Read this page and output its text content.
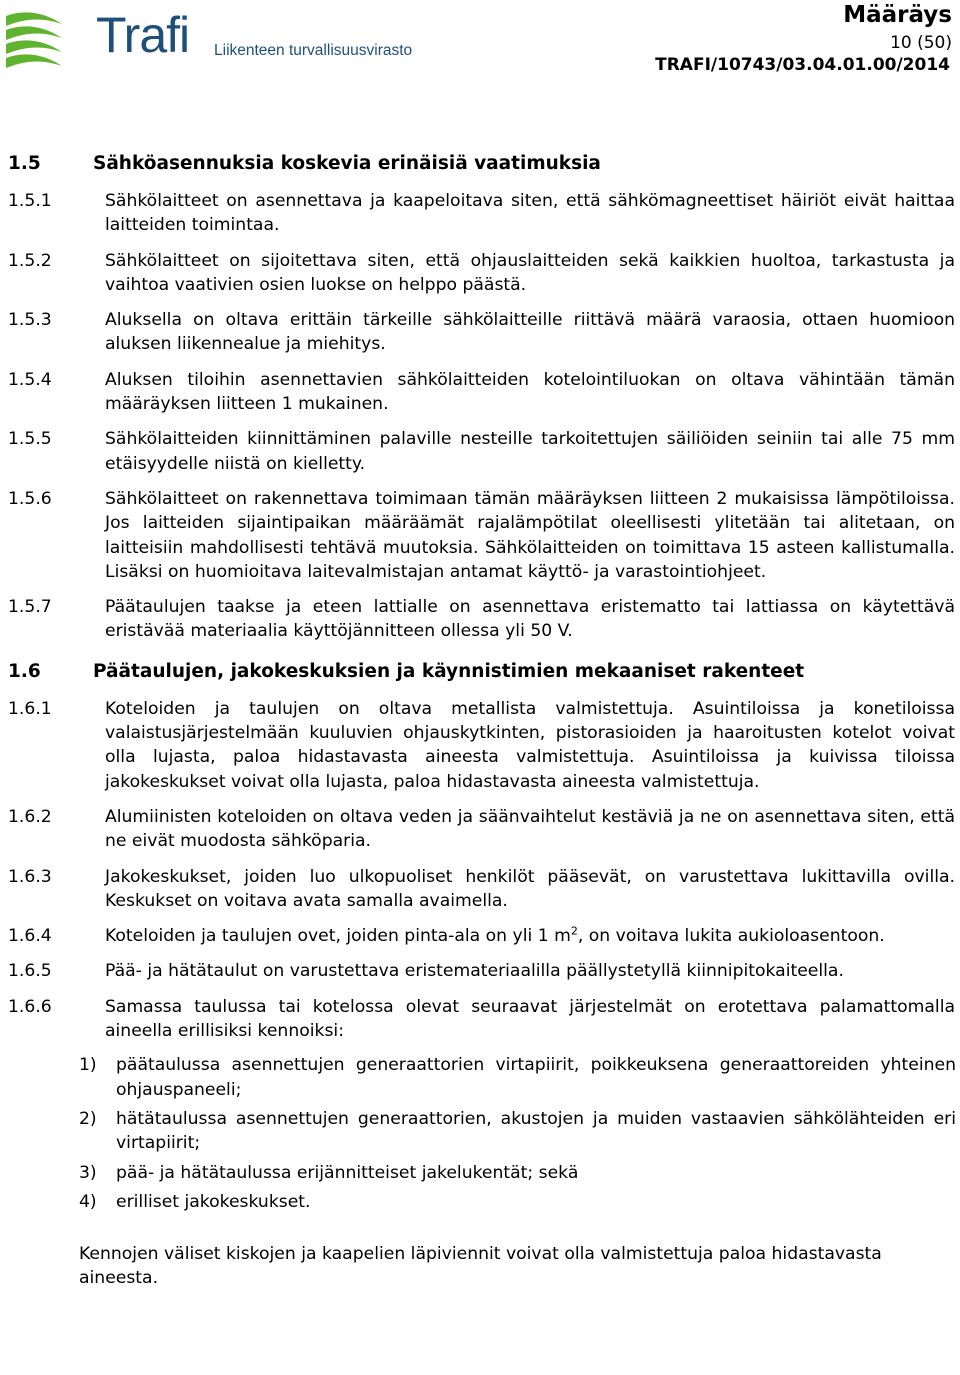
Trafi Liikenteen turvallisuusvirasto
Määräys
10 (50)
TRAFI/10743/03.04.01.00/2014
1.5	Sähköasennuksia koskevia erinäisiä vaatimuksia
1.5.1	Sähkölaitteet on asennettava ja kaapeloitava siten, että sähkömagneettiset häiriöt eivät haittaa laitteiden toimintaa.
1.5.2	Sähkölaitteet on sijoitettava siten, että ohjauslaitteiden sekä kaikkien huoltoa, tarkastusta ja vaihtoa vaativien osien luokse on helppo päästä.
1.5.3	Aluksella on oltava erittäin tärkeille sähkölaitteille riittävä määrä varaosia, ottaen huomioon aluksen liikennealue ja miehitys.
1.5.4	Aluksen tiloihin asennettavien sähkölaitteiden kotelointiluokan on oltava vähintään tämän määräyksen liitteen 1 mukainen.
1.5.5	Sähkölaitteiden kiinnittäminen palaville nesteille tarkoitettujen säiliöiden seiniin tai alle 75 mm etäisyydelle niistä on kielletty.
1.5.6	Sähkölaitteet on rakennettava toimimaan tämän määräyksen liitteen 2 mukaisissa lämpötiloissa. Jos laitteiden sijaintipaikan määräämät rajalämpötilat oleellisesti ylitetään tai alitetaan, on laitteisiin mahdollisesti tehtävä muutoksia. Sähkölaitteiden on toimittava 15 asteen kallistumalla. Lisäksi on huomioitava laitevalmistajan antamat käyttö- ja varastointiohjeet.
1.5.7	Päätaulujen taakse ja eteen lattialle on asennettava eristematto tai lattiassa on käytettävä eristävää materiaalia käyttöjännitteen ollessa yli 50 V.
1.6	Päätaulujen, jakokeskuksien ja käynnistimien mekaaniset rakenteet
1.6.1	Koteloiden ja taulujen on oltava metallista valmistettuja. Asuintiloissa ja konetiloissa valaistusjärjestelmään kuuluvien ohjauskytkinten, pistorasioiden ja haaroitusten kotelot voivat olla lujasta, paloa hidastavasta aineesta valmistettuja. Asuintiloissa ja kuivissa tiloissa jakokeskukset voivat olla lujasta, paloa hidastavasta aineesta valmistettuja.
1.6.2	Alumiinisten koteloiden on oltava veden ja säänvaihtelut kestäviä ja ne on asennettava siten, että ne eivät muodosta sähköparia.
1.6.3	Jakokeskukset, joiden luo ulkopuoliset henkilöt pääsevät, on varustettava lukittavilla ovilla. Keskukset on voitava avata samalla avaimella.
1.6.4	Koteloiden ja taulujen ovet, joiden pinta-ala on yli 1 $m^2$, on voitava lukita aukioloasentoon.
1.6.5	Pää- ja hätätaulut on varustettava eristemateriaalilla päällystetyllä kiinnipitokaiteella.
1.6.6	Samassa taulussa tai kotelossa olevat seuraavat järjestelmät on erotettava palamattomalla aineella erillisiksi kennoiksi:
1)	päätaulussa asennettujen generaattorien virtapiirit, poikkeuksena generaattoreiden yhteinen ohjauspaneeli;
2)	hätätaulussa asennettujen generaattorien, akustojen ja muiden vastaavien sähkölähteiden eri virtapiirit;
3)	pää- ja hätätaulussa erijännitteiset jakelukentät; sekä
4)	erilliset jakokeskukset.
Kennojen väliset kiskojen ja kaapelien läpiviennit voivat olla valmistettuja paloa hidastavasta aineesta.
